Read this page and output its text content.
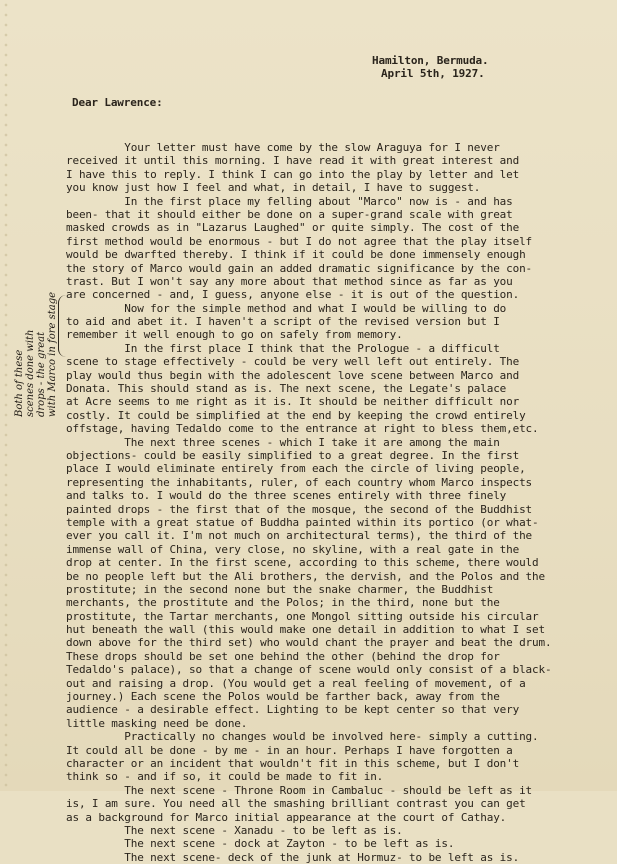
Hamilton, Bermuda.
April 5th, 1927.
Dear Lawrence:
Your letter must have come by the slow Araguya for I never
received it until this morning. I have read it with great interest and
I have this to reply. I think I can go into the play by letter and let
you know just how I feel and what, in detail, I have to suggest.
In the first place my felling about "Marco" now is - and has
been- that it should either be done on a super-grand scale with great
masked crowds as in "Lazarus Laughed" or quite simply. The cost of the
first method would be enormous - but I do not agree that the play itself
would be dwarfted thereby. I think if it could be done immensely enough
the story of Marco would gain an added dramatic significance by the con-
trast. But I won't say any more about that method since as far as you
are concerned - and, I guess, anyone else - it is out of the question.
Now for the simple method and what I would be willing to do
to aid and abet it. I haven't a script of the revised version but I
remember it well enough to go on safely from memory.
In the first place I think that the Prologue - a difficult
scene to stage effectively - could be very well left out entirely. The
play would thus begin with the adolescent love scene between Marco and
Donata. This should stand as is. The next scene, the Legate's palace
at Acre seems to me right as it is. It should be neither difficult nor
costly. It could be simplified at the end by keeping the crowd entirely
offstage, having Tedaldo come to the entrance at right to bless them,etc.
The next three scenes - which I take it are among the main
objections- could be easily simplified to a great degree. In the first
place I would eliminate entirely from each the circle of living people,
representing the inhabitants, ruler, of each country whom Marco inspects
and talks to. I would do the three scenes entirely with three finely
painted drops - the first that of the mosque, the second of the Buddhist
temple with a great statue of Buddha painted within its portico (or what-
ever you call it. I'm not much on architectural terms), the third of the
immense wall of China, very close, no skyline, with a real gate in the
drop at center. In the first scene, according to this scheme, there would
be no people left but the Ali brothers, the dervish, and the Polos and the
prostitute; in the second none but the snake charmer, the Buddhist
merchants, the prostitute and the Polos; in the third, none but the
prostitute, the Tartar merchants, one Mongol sitting outside his circular
hut beneath the wall (this would make one detail in addition to what I set
down above for the third set) who would chant the prayer and beat the drum.
These drops should be set one behind the other (behind the drop for
Tedaldo's palace), so that a change of scene would only consist of a black-
out and raising a drop. (You would get a real feeling of movement, of a
journey.) Each scene the Polos would be farther back, away from the
audience - a desirable effect. Lighting to be kept center so that very
little masking need be done.
Practically no changes would be involved here- simply a cutting.
It could all be done - by me - in an hour. Perhaps I have forgotten a
character or an incident that wouldn't fit in this scheme, but I don't
think so - and if so, it could be made to fit in.
The next scene - Throne Room in Cambaluc - should be left as it
is, I am sure. You need all the smashing brilliant contrast you can get
as a background for Marco initial appearance at the court of Cathay.
The next scene - Xanadu - to be left as is.
The next scene - dock at Zayton - to be left as is.
The next scene- deck of the junk at Hormuz- to be left as is.
Both of these
scenes done with
drops - the great
with Marco in fore
